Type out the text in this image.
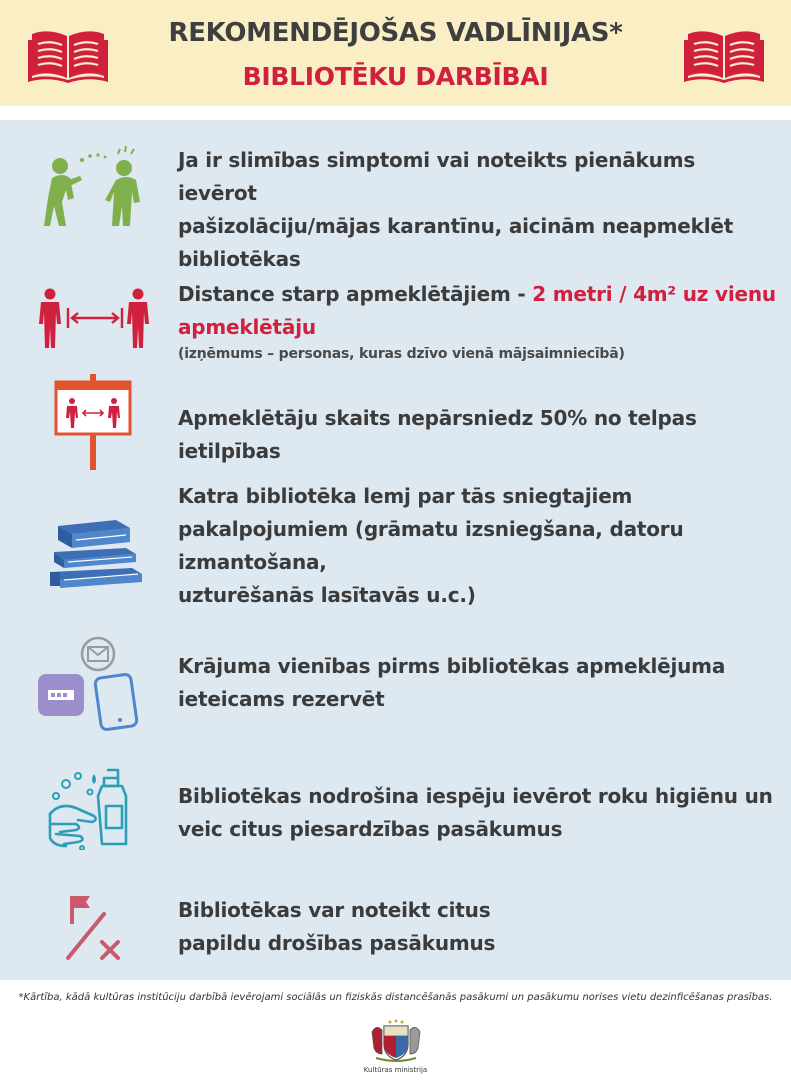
REKOMENDĒJOŠAS VADLĪNIJAS*
BIBLIOTĒKU DARBĪBAI
Ja ir slimības simptomi vai noteikts pienākums ievērot
pašizolāciju/mājas karantīnu, aicinām neapmeklēt
bibliotēkas
Distance starp apmeklētājiem - 2 metri / 4m² uz vienu
apmeklētāju
(izņēmums – personas, kuras dzīvo vienā mājsaimniecībā)
Apmeklētāju skaits nepārsniedz 50% no telpas ietilpības
Katra bibliotēka lemj par tās sniegtajiem
pakalpojumiem (grāmatu izsniegšana, datoru
izmantošana,
uzturēšanās lasītavās u.c.)
Krājuma vienības pirms bibliotēkas apmeklējuma
ieteicams rezervēt
Bibliotēkas nodrošina iespēju ievērot roku higiēnu un
veic citus piesardzības pasākumus
Bibliotēkas var noteikt citus
papildu drošības pasākumus
*Kārtība, kādā kultūras institūciju darbībā ievērojami sociālās un fiziskās distancēšanās pasākumi un pasākumu norises vietu dezinficēšanas prasības.
Kultūras ministrija
